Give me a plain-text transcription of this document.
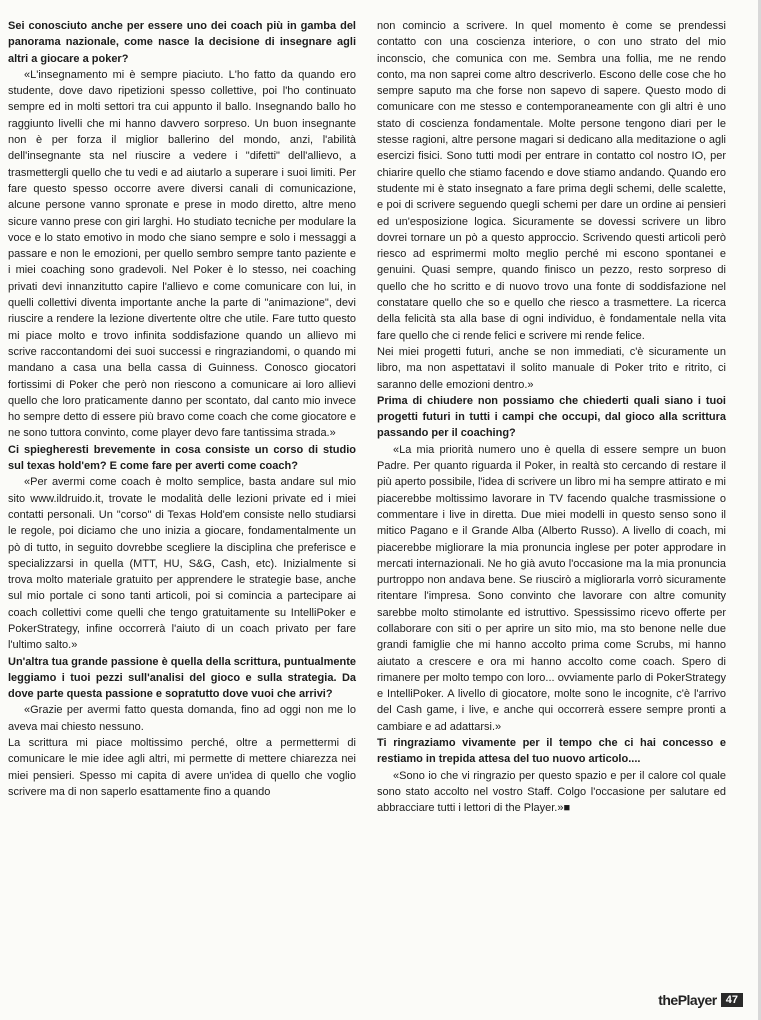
Sei conosciuto anche per essere uno dei coach più in gamba del panorama nazionale, come nasce la decisione di insegnare agli altri a giocare a poker?

«L'insegnamento mi è sempre piaciuto. L'ho fatto da quando ero studente, dove davo ripetizioni spesso collettive, poi l'ho continuato sempre ed in molti settori tra cui appunto il ballo. Insegnando ballo ho raggiunto livelli che mi hanno davvero sorpreso. Un buon insegnante non è per forza il miglior ballerino del mondo, anzi, l'abilità dell'insegnante sta nel riuscire a vedere i "difetti" dell'allievo, a trasmettergli quello che tu vedi e ad aiutarlo a superare i suoi limiti. Per fare questo spesso occorre avere diversi canali di comunicazione, alcune persone vanno spronate e prese in modo diretto, altre meno sicure vanno prese con giri larghi. Ho studiato tecniche per modulare la voce e lo stato emotivo in modo che siano sempre e solo i messaggi a passare e non le emozioni, per quello sembro sempre tanto paziente e i miei coaching sono gradevoli. Nel Poker è lo stesso, nei coaching privati devi innanzitutto capire l'allievo e come comunicare con lui, in quelli collettivi diventa importante anche la parte di "animazione", devi riuscire a rendere la lezione divertente oltre che utile. Fare tutto questo mi piace molto e trovo infinita soddisfazione quando un allievo mi scrive raccontandomi dei suoi successi e ringraziandomi, o quando mi mandano a casa una bella cassa di Guinness. Conosco giocatori fortissimi di Poker che però non riescono a comunicare ai loro allievi quello che loro praticamente danno per scontato, dal canto mio invece ho sempre detto di essere più bravo come coach che come giocatore e ne sono tuttora convinto, come player devo fare tantissima strada.»

Ci spiegheresti brevemente in cosa consiste un corso di studio sul texas hold'em? E come fare per averti come coach?

«Per avermi come coach è molto semplice, basta andare sul mio sito www.ildruido.it, trovate le modalità delle lezioni private ed i miei contatti personali. Un "corso" di Texas Hold'em consiste nello studiarsi le regole, poi diciamo che uno inizia a giocare, fondamentalmente un pò di tutto, in seguito dovrebbe scegliere la disciplina che preferisce e specializzarsi in quella (MTT, HU, S&G, Cash, etc). Inizialmente si trova molto materiale gratuito per apprendere le strategie base, anche sul mio portale ci sono tanti articoli, poi si comincia a partecipare ai coach collettivi come quelli che tengo gratuitamente su IntelliPoker e PokerStrategy, infine occorrerà l'aiuto di un coach privato per fare l'ultimo salto.»

Un'altra tua grande passione è quella della scrittura, puntualmente leggiamo i tuoi pezzi sull'analisi del gioco e sulla strategia. Da dove parte questa passione e sopratutto dove vuoi che arrivi?

«Grazie per avermi fatto questa domanda, fino ad oggi non me lo aveva mai chiesto nessuno.

La scrittura mi piace moltissimo perché, oltre a permettermi di comunicare le mie idee agli altri, mi permette di mettere chiarezza nei miei pensieri. Spesso mi capita di avere un'idea di quello che voglio scrivere ma di non saperlo esattamente fino a quando

non comincio a scrivere. In quel momento è come se prendessi contatto con una coscienza interiore, o con uno strato del mio inconscio, che comunica con me. Sembra una follia, me ne rendo conto, ma non saprei come altro descriverlo. Escono delle cose che ho sempre saputo ma che forse non sapevo di sapere. Questo modo di comunicare con me stesso e contemporaneamente con gli altri è uno stato di coscienza fondamentale. Molte persone tengono diari per le stesse ragioni, altre persone magari si dedicano alla meditazione o agli esercizi fisici. Sono tutti modi per entrare in contatto col nostro IO, per chiarire quello che stiamo facendo e dove stiamo andando. Quando ero studente mi è stato insegnato a fare prima degli schemi, delle scalette, e poi di scrivere seguendo quegli schemi per dare un ordine ai pensieri ed un'esposizione logica. Sicuramente se dovessi scrivere un libro dovrei tornare un pò a questo approccio. Scrivendo questi articoli però riesco ad esprimermi molto meglio perché mi escono spontanei e genuini. Quasi sempre, quando finisco un pezzo, resto sorpreso di quello che ho scritto e di nuovo trovo una fonte di soddisfazione nel constatare quello che so e quello che riesco a trasmettere. La ricerca della felicità sta alla base di ogni individuo, è fondamentale nella vita fare quello che ci rende felici e scrivere mi rende felice.

Nei miei progetti futuri, anche se non immediati, c'è sicuramente un libro, ma non aspettatavi il solito manuale di Poker trito e ritrito, ci saranno delle emozioni dentro.»

Prima di chiudere non possiamo che chiederti quali siano i tuoi progetti futuri in tutti i campi che occupi, dal gioco alla scrittura passando per il coaching?

«La mia priorità numero uno è quella di essere sempre un buon Padre. Per quanto riguarda il Poker, in realtà sto cercando di restare il più aperto possibile, l'idea di scrivere un libro mi ha sempre attirato e mi piacerebbe moltissimo lavorare in TV facendo qualche trasmissione o commentare i live in diretta. Due miei modelli in questo senso sono il mitico Pagano e il Grande Alba (Alberto Russo). A livello di coach, mi piacerebbe migliorare la mia pronuncia inglese per poter approdare in mercati internazionali. Ne ho già avuto l'occasione ma la mia pronuncia purtroppo non andava bene. Se riuscirò a migliorarla vorrò sicuramente ritentare l'impresa. Sono convinto che lavorare con altre comunity sarebbe molto stimolante ed istruttivo. Spessissimo ricevo offerte per collaborare con siti o per aprire un sito mio, ma sto benone nelle due grandi famiglie che mi hanno accolto prima come Scrubs, mi hanno aiutato a crescere e ora mi hanno accolto come coach. Spero di rimanere per molto tempo con loro... ovviamente parlo di PokerStrategy e IntelliPoker. A livello di giocatore, molte sono le incognite, c'è l'arrivo del Cash game, i live, e anche qui occorrerà essere sempre pronti a cambiare e ad adattarsi.»

Ti ringraziamo vivamente per il tempo che ci hai concesso e restiamo in trepida attesa del tuo nuovo articolo....

«Sono io che vi ringrazio per questo spazio e per il calore col quale sono stato accolto nel vostro Staff. Colgo l'occasione per salutare ed abbracciare tutti i lettori di the Player.»■

thePlayer 47
